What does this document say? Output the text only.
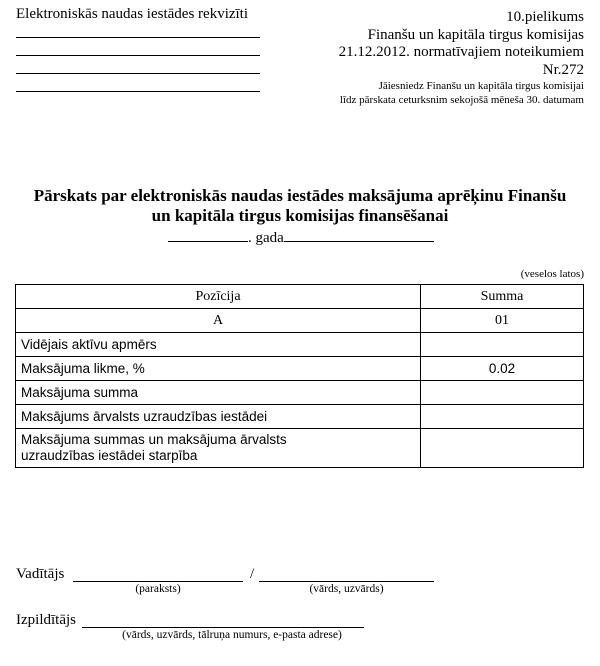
Elektroniskās naudas iestādes rekvizīti	10.pielikums
Finanšu un kapitāla tirgus komisijas
21.12.2012. normatīvajiem noteikumiem
Nr.272
Jāiesniedz Finanšu un kapitāla tirgus komisijai
līdz pārskata ceturksnim sekojošā mēneša 30. datumam
Pārskats par elektroniskās naudas iestādes maksājuma aprēķinu Finanšu
un kapitāla tirgus komisijas finansēšanai
. gada
(veselos latos)
Pozīcija	Summa
A	01
Vidējais aktīvu apmērs	
Maksājuma likme, %	0.02
Maksājuma summa	
Maksājums ārvalsts uzraudzības iestādei	

Maksājuma summas un maksājuma ārvalsts
uzraudzības iestādei starpība	

Vadītājs	/
(paraksts)	(vārds, uzvārds)
Izpildītājs
(vārds, uzvārds, tālruņa numurs, e-pasta adrese)
